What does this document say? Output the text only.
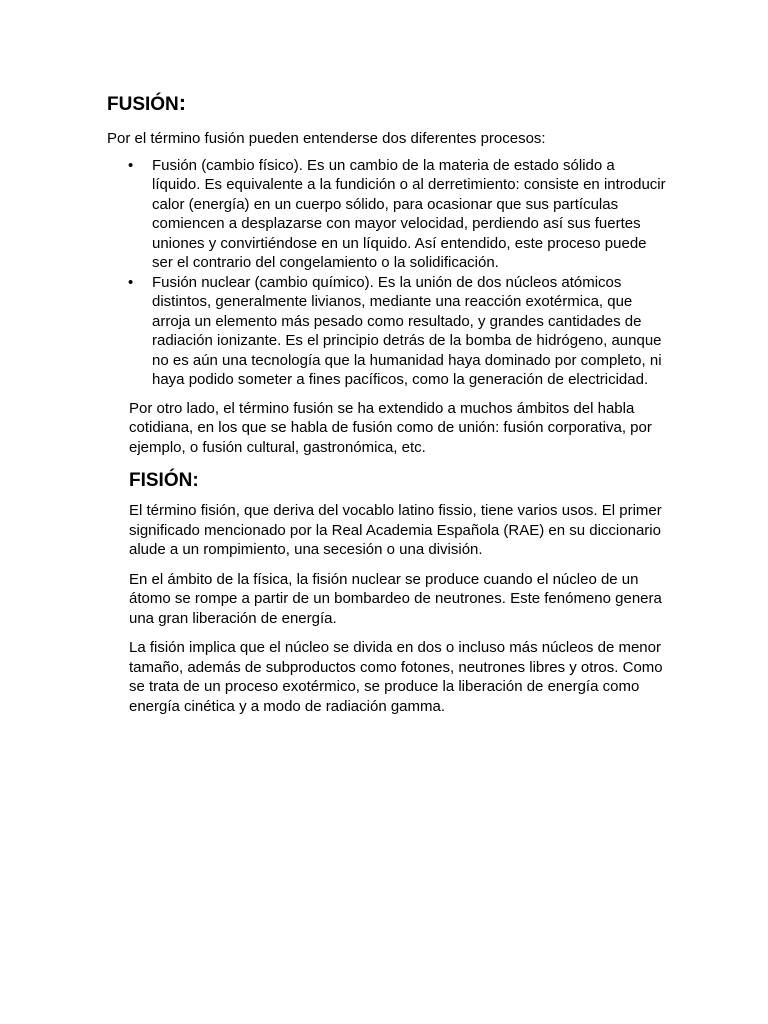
FUSIÓN:

Por el término fusión pueden entenderse dos diferentes procesos:

• Fusión (cambio físico). Es un cambio de la materia de estado sólido a líquido. Es equivalente a la fundición o al derretimiento: consiste en introducir calor (energía) en un cuerpo sólido, para ocasionar que sus partículas comiencen a desplazarse con mayor velocidad, perdiendo así sus fuertes uniones y convirtiéndose en un líquido. Así entendido, este proceso puede ser el contrario del congelamiento o la solidificación.
• Fusión nuclear (cambio químico). Es la unión de dos núcleos atómicos distintos, generalmente livianos, mediante una reacción exotérmica, que arroja un elemento más pesado como resultado, y grandes cantidades de radiación ionizante. Es el principio detrás de la bomba de hidrógeno, aunque no es aún una tecnología que la humanidad haya dominado por completo, ni haya podido someter a fines pacíficos, como la generación de electricidad.

Por otro lado, el término fusión se ha extendido a muchos ámbitos del habla cotidiana, en los que se habla de fusión como de unión: fusión corporativa, por ejemplo, o fusión cultural, gastronómica, etc.

FISIÓN:

El término fisión, que deriva del vocablo latino fissio, tiene varios usos. El primer significado mencionado por la Real Academia Española (RAE) en su diccionario alude a un rompimiento, una secesión o una división.

En el ámbito de la física, la fisión nuclear se produce cuando el núcleo de un átomo se rompe a partir de un bombardeo de neutrones. Este fenómeno genera una gran liberación de energía.

La fisión implica que el núcleo se divida en dos o incluso más núcleos de menor tamaño, además de subproductos como fotones, neutrones libres y otros. Como se trata de un proceso exotérmico, se produce la liberación de energía como energía cinética y a modo de radiación gamma.
